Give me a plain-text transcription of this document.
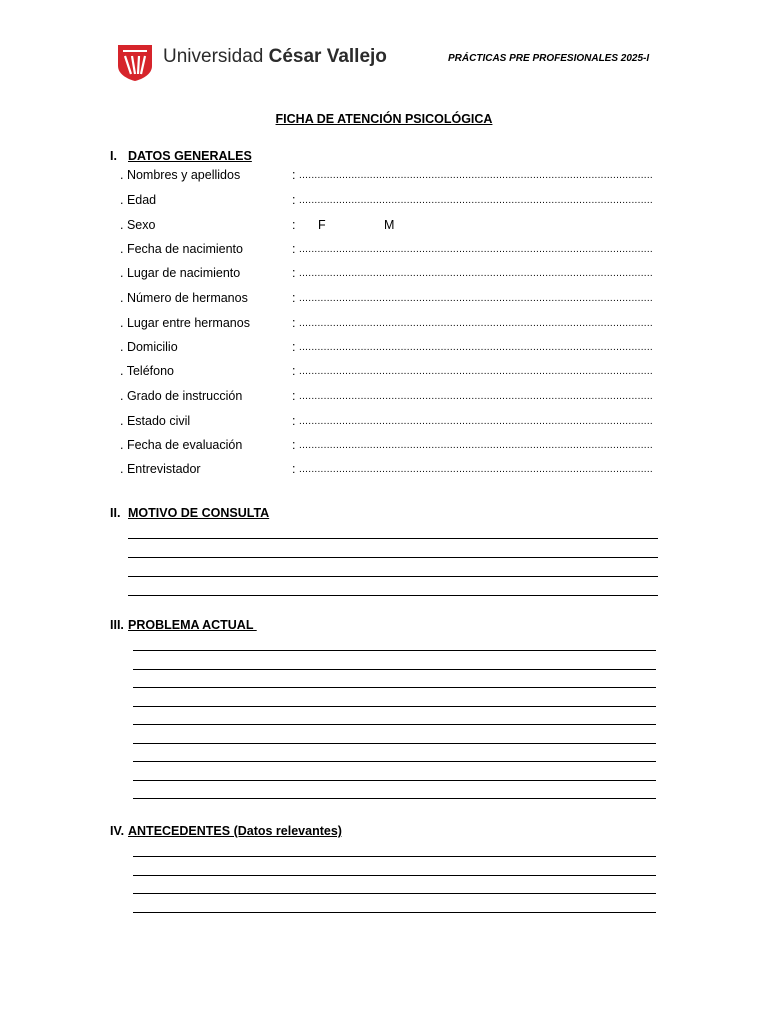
Universidad César Vallejo	PRÁCTICAS PRE PROFESIONALES 2025-I
FICHA DE ATENCIÓN PSICOLÓGICA
I. DATOS GENERALES
. Nombres y apellidos	: ...................................................................................................................
. Edad	: ...................................................................................................................
. Sexo	: F	M
. Fecha de nacimiento	: ...................................................................................................................
. Lugar de nacimiento	: ...................................................................................................................
. Número de hermanos	: ...................................................................................................................
. Lugar entre hermanos	: ...................................................................................................................
. Domicilio	: ...................................................................................................................
. Teléfono	: ...................................................................................................................
. Grado de instrucción	: ...................................................................................................................
. Estado civil	: ...................................................................................................................
. Fecha de evaluación	: ...................................................................................................................
. Entrevistador	: ...................................................................................................................
II. MOTIVO DE CONSULTA
III. PROBLEMA ACTUAL
IV. ANTECEDENTES (Datos relevantes)
